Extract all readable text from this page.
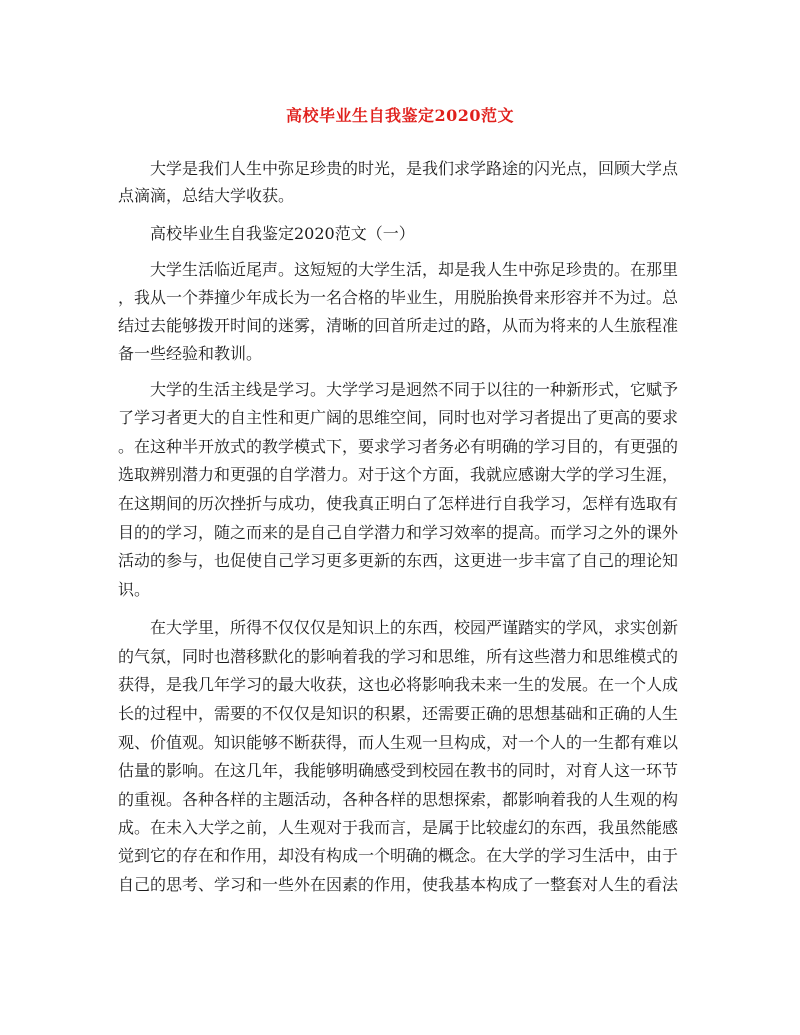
高校毕业生自我鉴定2020范文
大学是我们人生中弥足珍贵的时光，是我们求学路途的闪光点，回顾大学点
点滴滴，总结大学收获。
高校毕业生自我鉴定2020范文（一）
大学生活临近尾声。这短短的大学生活，却是我人生中弥足珍贵的。在那里
，我从一个莽撞少年成长为一名合格的毕业生，用脱胎换骨来形容并不为过。总
结过去能够拨开时间的迷雾，清晰的回首所走过的路，从而为将来的人生旅程准
备一些经验和教训。
大学的生活主线是学习。大学学习是迥然不同于以往的一种新形式，它赋予
了学习者更大的自主性和更广阔的思维空间，同时也对学习者提出了更高的要求
。在这种半开放式的教学模式下，要求学习者务必有明确的学习目的，有更强的
选取辨别潜力和更强的自学潜力。对于这个方面，我就应感谢大学的学习生涯，
在这期间的历次挫折与成功，使我真正明白了怎样进行自我学习，怎样有选取有
目的的学习，随之而来的是自己自学潜力和学习效率的提高。而学习之外的课外
活动的参与，也促使自己学习更多更新的东西，这更进一步丰富了自己的理论知
识。
在大学里，所得不仅仅仅是知识上的东西，校园严谨踏实的学风，求实创新
的气氛，同时也潜移默化的影响着我的学习和思维，所有这些潜力和思维模式的
获得，是我几年学习的最大收获，这也必将影响我未来一生的发展。在一个人成
长的过程中，需要的不仅仅是知识的积累，还需要正确的思想基础和正确的人生
观、价值观。知识能够不断获得，而人生观一旦构成，对一个人的一生都有难以
估量的影响。在这几年，我能够明确感受到校园在教书的同时，对育人这一环节
的重视。各种各样的主题活动，各种各样的思想探索，都影响着我的人生观的构
成。在未入大学之前，人生观对于我而言，是属于比较虚幻的东西，我虽然能感
觉到它的存在和作用，却没有构成一个明确的概念。在大学的学习生活中，由于
自己的思考、学习和一些外在因素的作用，使我基本构成了一整套对人生的看法
